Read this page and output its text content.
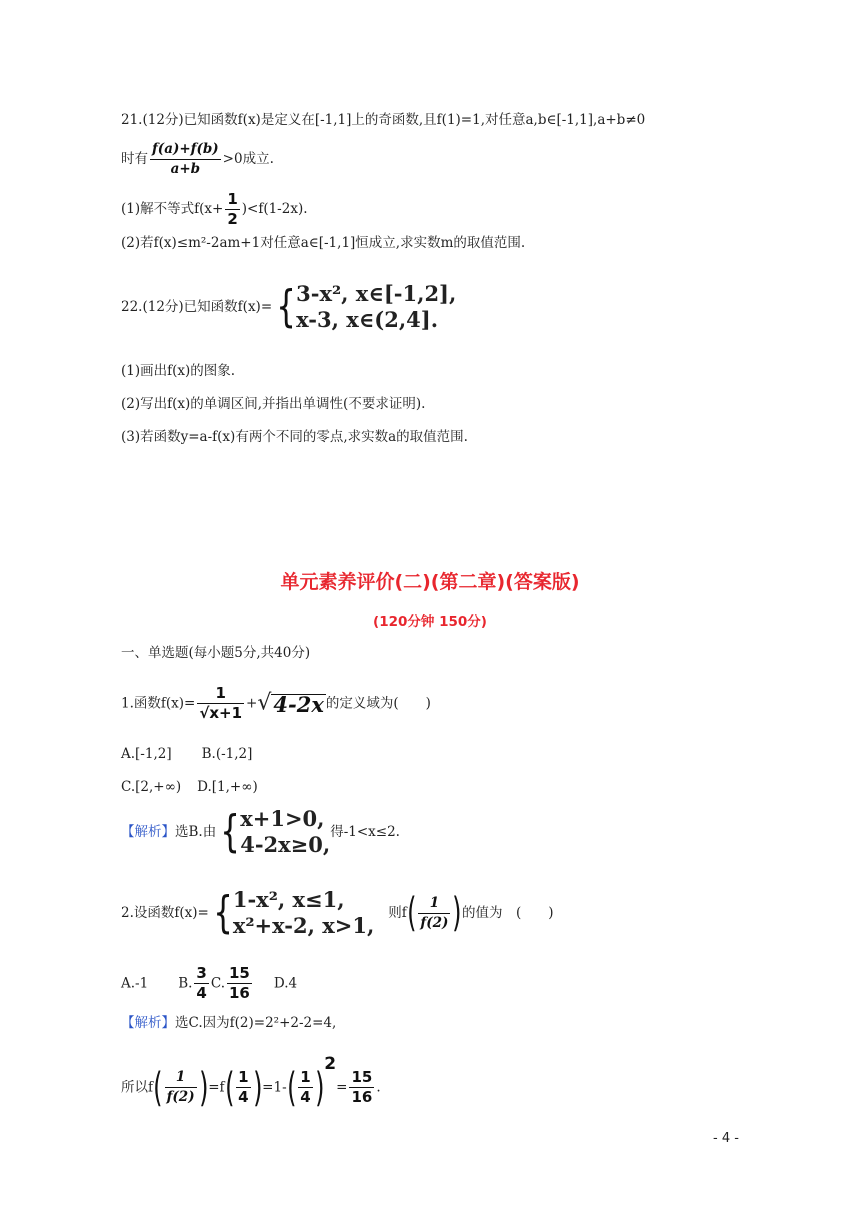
21.(12分)已知函数f(x)是定义在[-1,1]上的奇函数,且f(1)=1,对任意a,b∈[-1,1],a+b≠0
时有 $\frac{f(a)+f(b)}{a+b} >0$成立.
(1)解不等式$f(x+ \frac{1}{2} )<f(1-2x)$.
(2)若f(x)≤m²-2am+1对任意a∈[-1,1]恒成立,求实数m的取值范围.
22.(12分)已知函数f(x)={ 3-x², x∈[-1,2],
x-3, x∈(2,4].
(1)画出f(x)的图象.
(2)写出f(x)的单调区间,并指出单调性(不要求证明).
(3)若函数y=a-f(x)有两个不同的零点,求实数a的取值范围.
单元素养评价(二)(第二章)(答案版)
(120分钟 150分)
一、单选题(每小题5分,共40分)
1.函数$f(x)= \frac{1}{√x+1} +√4-2x$ 的定义域为(　　)
A.[-1,2] B.(-1,2]
C.[2,+∞) D.[1,+∞)
【解析】选B.由{ x+1>0,
4-2x≥0, 得-1<x≤2.
2.设函数f(x)={ 1-x², x≤1,
x²+x-2, x>1, 则$f( \frac{1}{f(2)}$ )的值为　(　　)
A.-1 B. $\frac{3}{4} C$. $\frac{15}{16} D.4$
【解析】选C.因为f(2)=2²+2-2=4,
所以$f( \frac{1}{f(2)} )=f( \frac{1}{4} )=1-( \frac{1}{4} )2= \frac{15}{16}$ .
- 4 -
